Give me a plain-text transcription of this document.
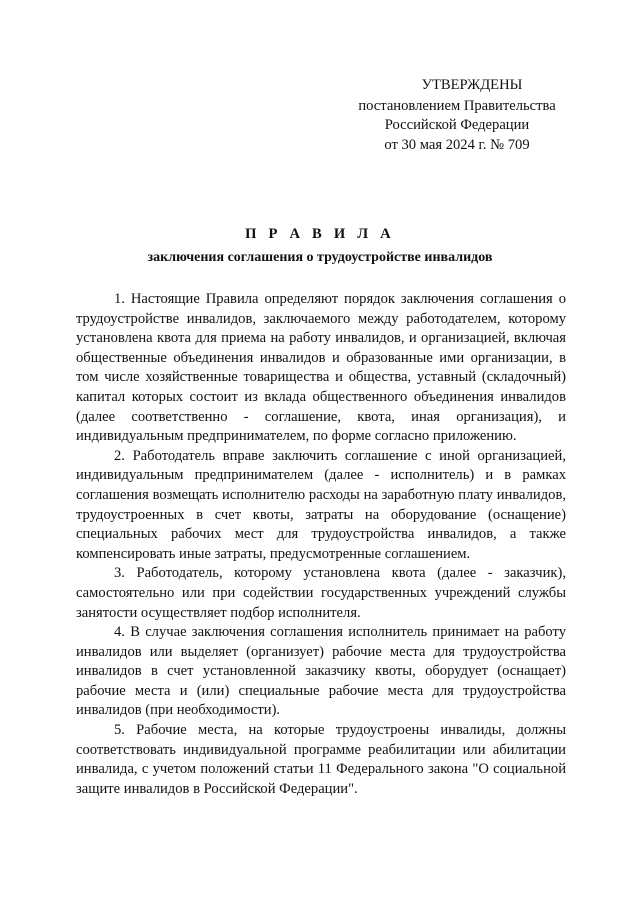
УТВЕРЖДЕНЫ
постановлением Правительства
Российской Федерации
от 30 мая 2024 г. № 709
П Р А В И Л А
заключения соглашения о трудоустройстве инвалидов

1. Настоящие Правила определяют порядок заключения соглашения о трудоустройстве инвалидов, заключаемого между работодателем, которому установлена квота для приема на работу инвалидов, и организацией, включая общественные объединения инвалидов и образованные ими организации, в том числе хозяйственные товарищества и общества, уставный (складочный) капитал которых состоит из вклада общественного объединения инвалидов (далее соответственно - соглашение, квота, иная организация), и индивидуальным предпринимателем, по форме согласно приложению.

2. Работодатель вправе заключить соглашение с иной организацией, индивидуальным предпринимателем (далее - исполнитель) и в рамках соглашения возмещать исполнителю расходы на заработную плату инвалидов, трудоустроенных в счет квоты, затраты на оборудование (оснащение) специальных рабочих мест для трудоустройства инвалидов, а также компенсировать иные затраты, предусмотренные соглашением.

3. Работодатель, которому установлена квота (далее - заказчик), самостоятельно или при содействии государственных учреждений службы занятости осуществляет подбор исполнителя.

4. В случае заключения соглашения исполнитель принимает на работу инвалидов или выделяет (организует) рабочие места для трудоустройства инвалидов в счет установленной заказчику квоты, оборудует (оснащает) рабочие места и (или) специальные рабочие места для трудоустройства инвалидов (при необходимости).

5. Рабочие места, на которые трудоустроены инвалиды, должны соответствовать индивидуальной программе реабилитации или абилитации инвалида, с учетом положений статьи 11 Федерального закона "О социальной защите инвалидов в Российской Федерации".
